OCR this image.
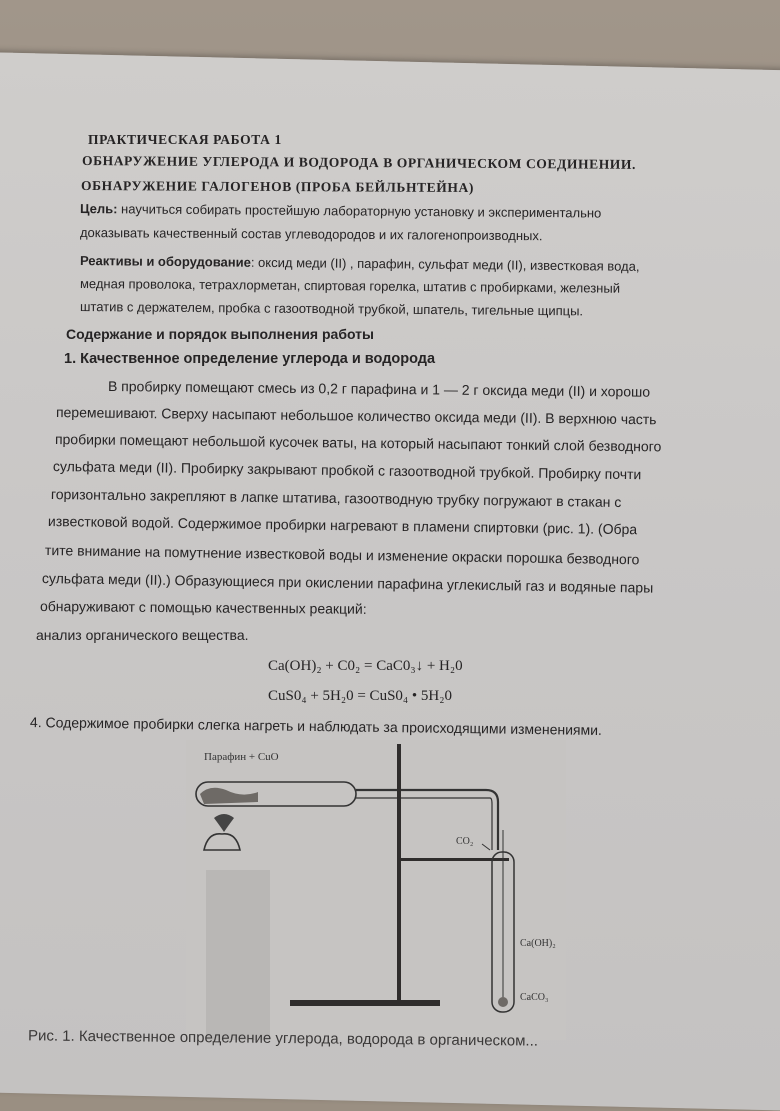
ПРАКТИЧЕСКАЯ РАБОТА 1
ОБНАРУЖЕНИЕ УГЛЕРОДА И ВОДОРОДА В ОРГАНИЧЕСКОМ СОЕДИНЕНИИ.
ОБНАРУЖЕНИЕ ГАЛОГЕНОВ (ПРОБА БЕЙЛЬНТЕЙНА)
Цель: научиться собирать простейшую лабораторную установку и экспериментально
доказывать качественный состав углеводородов и их галогенопроизводных.
Реактивы и оборудование: оксид меди (II) , парафин, сульфат меди (II), известковая вода,
медная проволока, тетрахлорметан, спиртовая горелка, штатив с пробирками, железный
штатив с держателем, пробка с газоотводной трубкой, шпатель, тигельные щипцы.
Содержание и порядок выполнения работы
1. Качественное определение углерода и водорода
В пробирку помещают смесь из 0,2 г парафина и 1 — 2 г оксида меди (II) и хорошо
перемешивают. Сверху насыпают небольшое количество оксида меди (II). В верхнюю часть
пробирки помещают небольшой кусочек ваты, на который насыпают тонкий слой безводного
сульфата меди (II). Пробирку закрывают пробкой с газоотводной трубкой. Пробирку почти
горизонтально закрепляют в лапке штатива, газоотводную трубку погружают в стакан с
известковой водой. Содержимое пробирки нагревают в пламени спиртовки (рис. 1). (Обра
тите внимание на помутнение известковой воды и изменение окраски порошка безводного
сульфата меди (II).) Образующиеся при окислении парафина углекислый газ и водяные пары
обнаруживают с помощью качественных реакций:
анализ органического вещества.
Ca(OH)₂ + C0₂ = CaC0₃↓ + H₂0
CuS0₄ + 5H₂0 = CuS0₄ • 5H₂0
4. Содержимое пробирки слегка нагреть и наблюдать за происходящими изменениями.
Парафин + CuO
CO₂
Ca(OH)₂
CaCO₃
Рис. 1. Качественное определение углерода, водорода в органическом...
